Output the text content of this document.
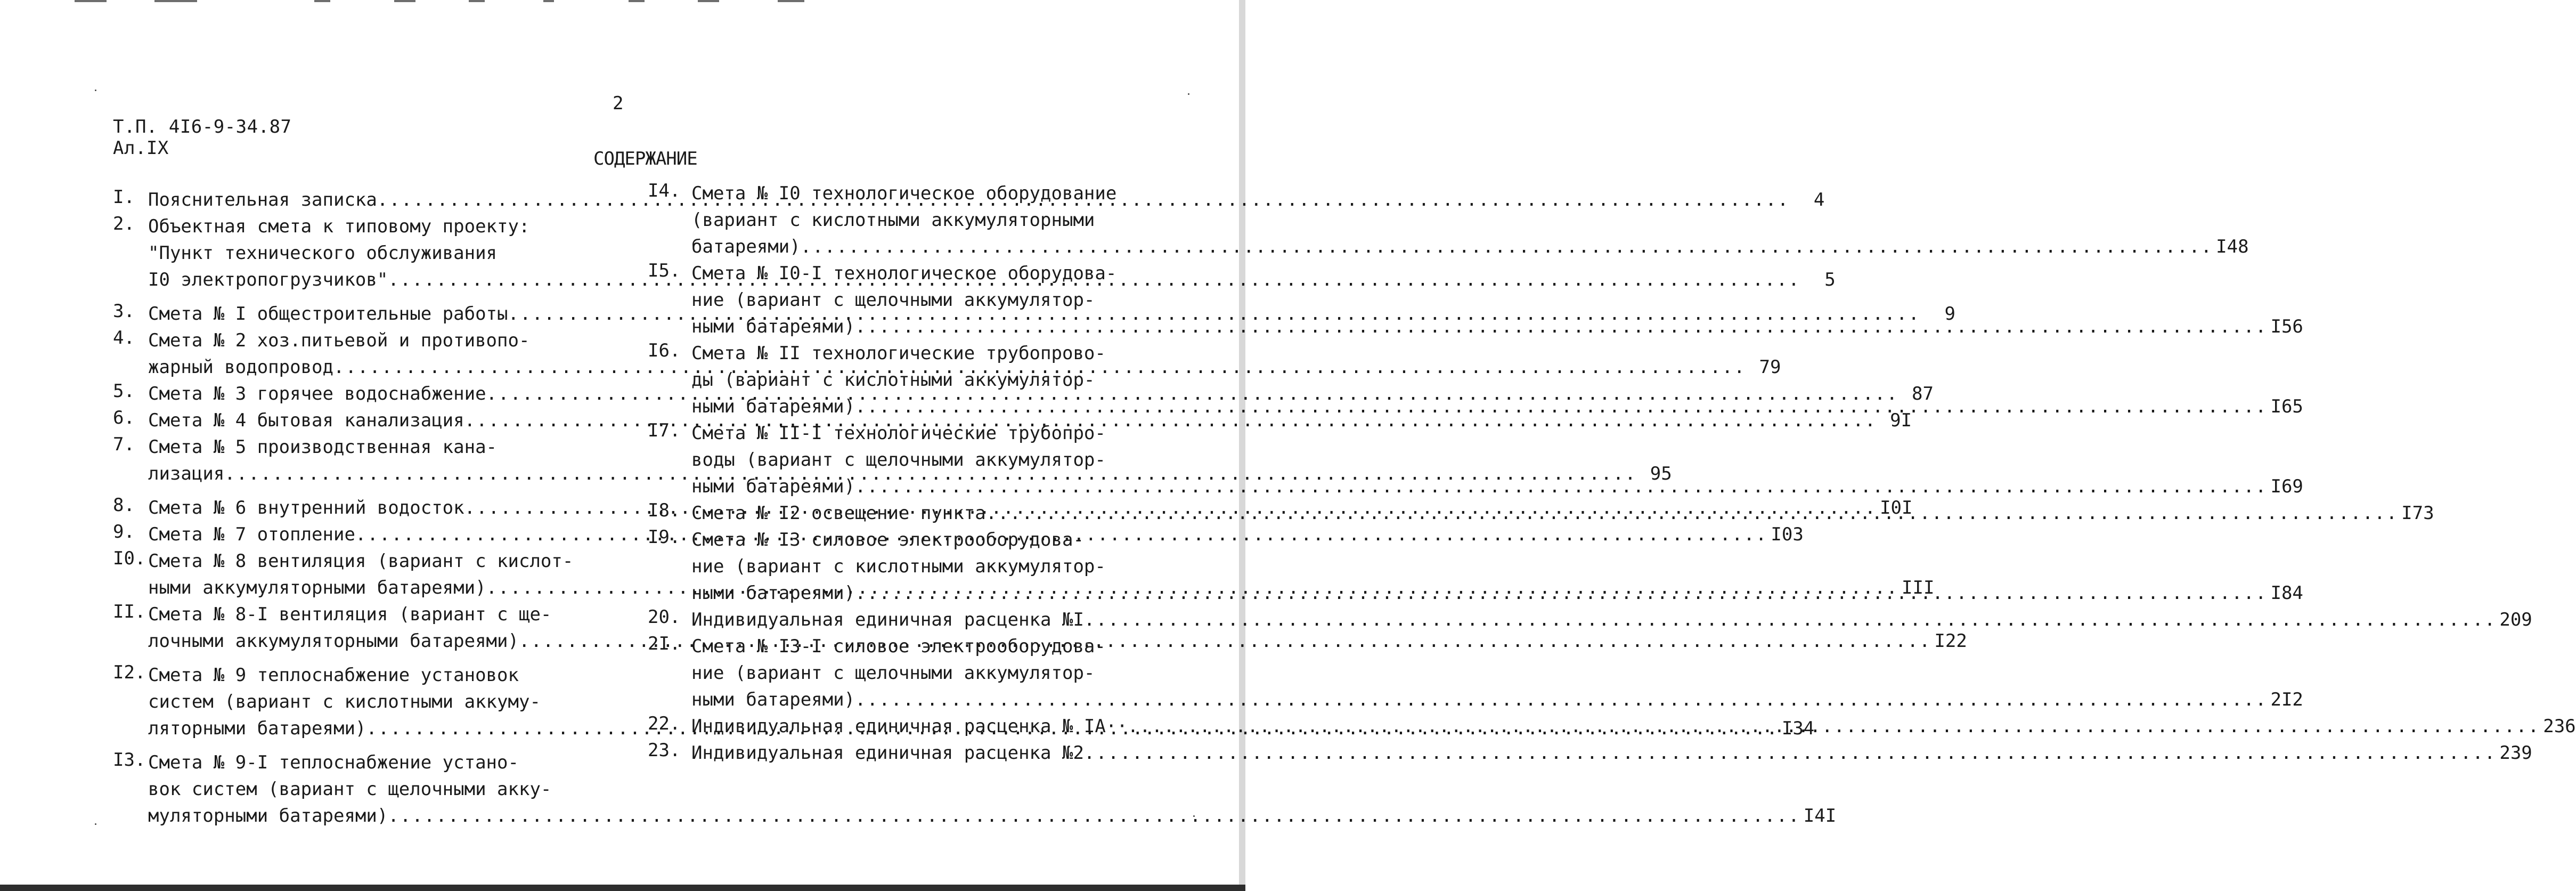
Т.П. 4I6-9-34.87
Ал.IX
2
СОДЕРЖАНИЕ
I. Пояснительная записка .....	4
2. Объектная смета к типовому проекту:
"Пункт технического обслуживания
I0 электропогрузчиков" .....	5
3. Смета № I общестроительные работы .....	9
4. Смета № 2 хоз.питьевой и противопо-
жарный водопровод .....	79
5. Смета № 3 горячее водоснабжение .....	87
6. Смета № 4 бытовая канализация .....	9I
7. Смета № 5 производственная кана-
лизация .....	95
8. Смета № 6 внутренний водосток .....	I0I
9. Смета № 7 отопление .....	I03
I0. Смета № 8 вентиляция (вариант с кислот-
ными аккумуляторными батареями) .....	III
II. Смета № 8-I вентиляция (вариант с ще-
лочными аккумуляторными батареями) .....	I22
I2. Смета № 9 теплоснабжение установок
систем (вариант с кислотными аккуму-
ляторными батареями) .....	I34
I3. Смета № 9-I теплоснабжение устано-
вок систем (вариант с щелочными акку-
муляторными батареями) .....	I4I
I4. Смета № I0 технологическое оборудование
(вариант с кислотными аккумуляторными
батареями) .....	I48
I5. Смета № I0-I технологическое оборудова-
ние (вариант с щелочными аккумулятор-
ными батареями) .....	I56
I6. Смета № II технологические трубопрово-
ды (вариант с кислотными аккумулятор-
ными батареями) .....	I65
I7. Смета № II-I технологические трубопро-
воды (вариант с щелочными аккумулятор-
ными батареями) .....	I69
I8. Смета № I2 освещение пункта .....	I73
I9. Смета № I3 силовое электрооборудова-
ние (вариант с кислотными аккумулятор-
ными батареями) .....	I84
20. Индивидуальная единичная расценка №I .....	209
2I. Смета № I3-I силовое электрооборудова-
ние (вариант с щелочными аккумулятор-
ными батареями) .....	2I2
22. Индивидуальная единичная расценка № IA·· .....	236
23. Индивидуальная единичная расценка №2 .....	239
